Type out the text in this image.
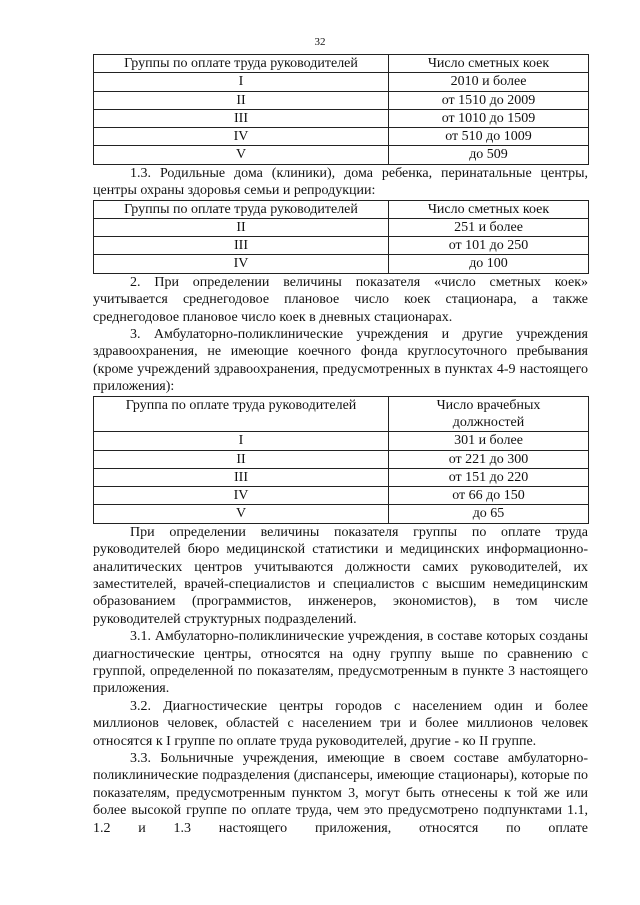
32
Группы по оплате труда руководителей	Число сметных коек
I	2010 и более
II	от 1510 до 2009
III	от 1010 до 1509
IV	от 510 до 1009
V	до 509

1.3. Родильные дома (клиники), дома ребенка, перинатальные центры, центры охраны здоровья семьи и репродукции:

Группы по оплате труда руководителей	Число сметных коек
II	251 и более
III	от 101 до 250
IV	до 100

2. При определении величины показателя «число сметных коек» учитывается среднегодовое плановое число коек стационара, а также среднегодовое плановое число коек в дневных стационарах.

3. Амбулаторно-поликлинические учреждения и другие учреждения здравоохранения, не имеющие коечного фонда круглосуточного пребывания (кроме учреждений здравоохранения, предусмотренных в пунктах 4-9 настоящего приложения):

Группа по оплате труда руководителей	Число врачебных
должностей

I	301 и более
II	от 221 до 300
III	от 151 до 220
IV	от 66 до 150
V	до 65

При определении величины показателя группы по оплате труда руководителей бюро медицинской статистики и медицинских информационно-аналитических центров учитываются должности самих руководителей, их заместителей, врачей-специалистов и специалистов с высшим немедицинским образованием (программистов, инженеров, экономистов), в том числе руководителей структурных подразделений.

3.1. Амбулаторно-поликлинические учреждения, в составе которых созданы диагностические центры, относятся на одну группу выше по сравнению с группой, определенной по показателям, предусмотренным в пункте 3 настоящего приложения.

3.2. Диагностические центры городов с населением один и более миллионов человек, областей с населением три и более миллионов человек относятся к I группе по оплате труда руководителей, другие - ко II группе.

3.3. Больничные учреждения, имеющие в своем составе амбулаторно-поликлинические подразделения (диспансеры, имеющие стационары), которые по показателям, предусмотренным пунктом 3, могут быть отнесены к той же или более высокой группе по оплате труда, чем это предусмотрено подпунктами 1.1, 1.2 и 1.3 настоящего приложения, относятся по оплате
